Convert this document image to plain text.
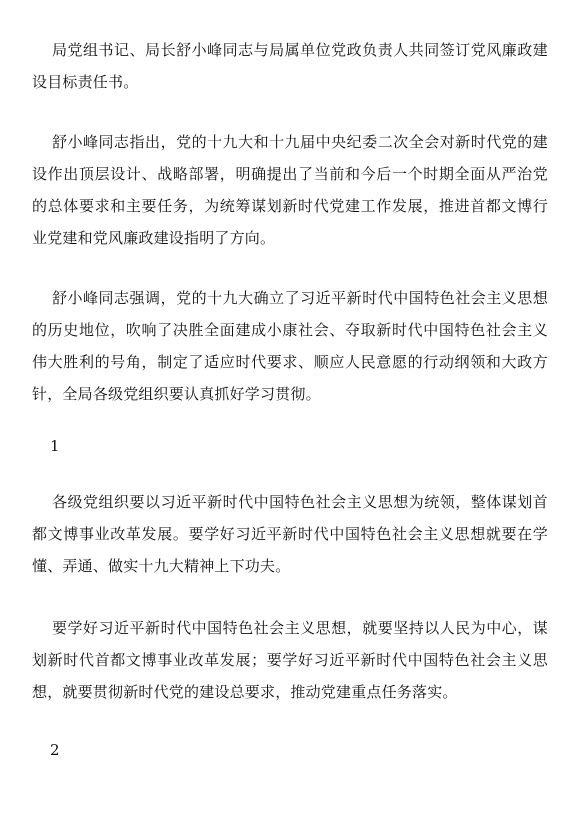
局党组书记、局长舒小峰同志与局属单位党政负责人共同签订党风廉政建设目标责任书。

舒小峰同志指出，党的十九大和十九届中央纪委二次全会对新时代党的建设作出顶层设计、战略部署，明确提出了当前和今后一个时期全面从严治党的总体要求和主要任务，为统筹谋划新时代党建工作发展，推进首都文博行业党建和党风廉政建设指明了方向。

舒小峰同志强调，党的十九大确立了习近平新时代中国特色社会主义思想的历史地位，吹响了决胜全面建成小康社会、夺取新时代中国特色社会主义伟大胜利的号角，制定了适应时代要求、顺应人民意愿的行动纲领和大政方针，全局各级党组织要认真抓好学习贯彻。

1

各级党组织要以习近平新时代中国特色社会主义思想为统领，整体谋划首都文博事业改革发展。要学好习近平新时代中国特色社会主义思想就要在学懂、弄通、做实十九大精神上下功夫。

要学好习近平新时代中国特色社会主义思想，就要坚持以人民为中心，谋划新时代首都文博事业改革发展；要学好习近平新时代中国特色社会主义思想，就要贯彻新时代党的建设总要求，推动党建重点任务落实。

2
